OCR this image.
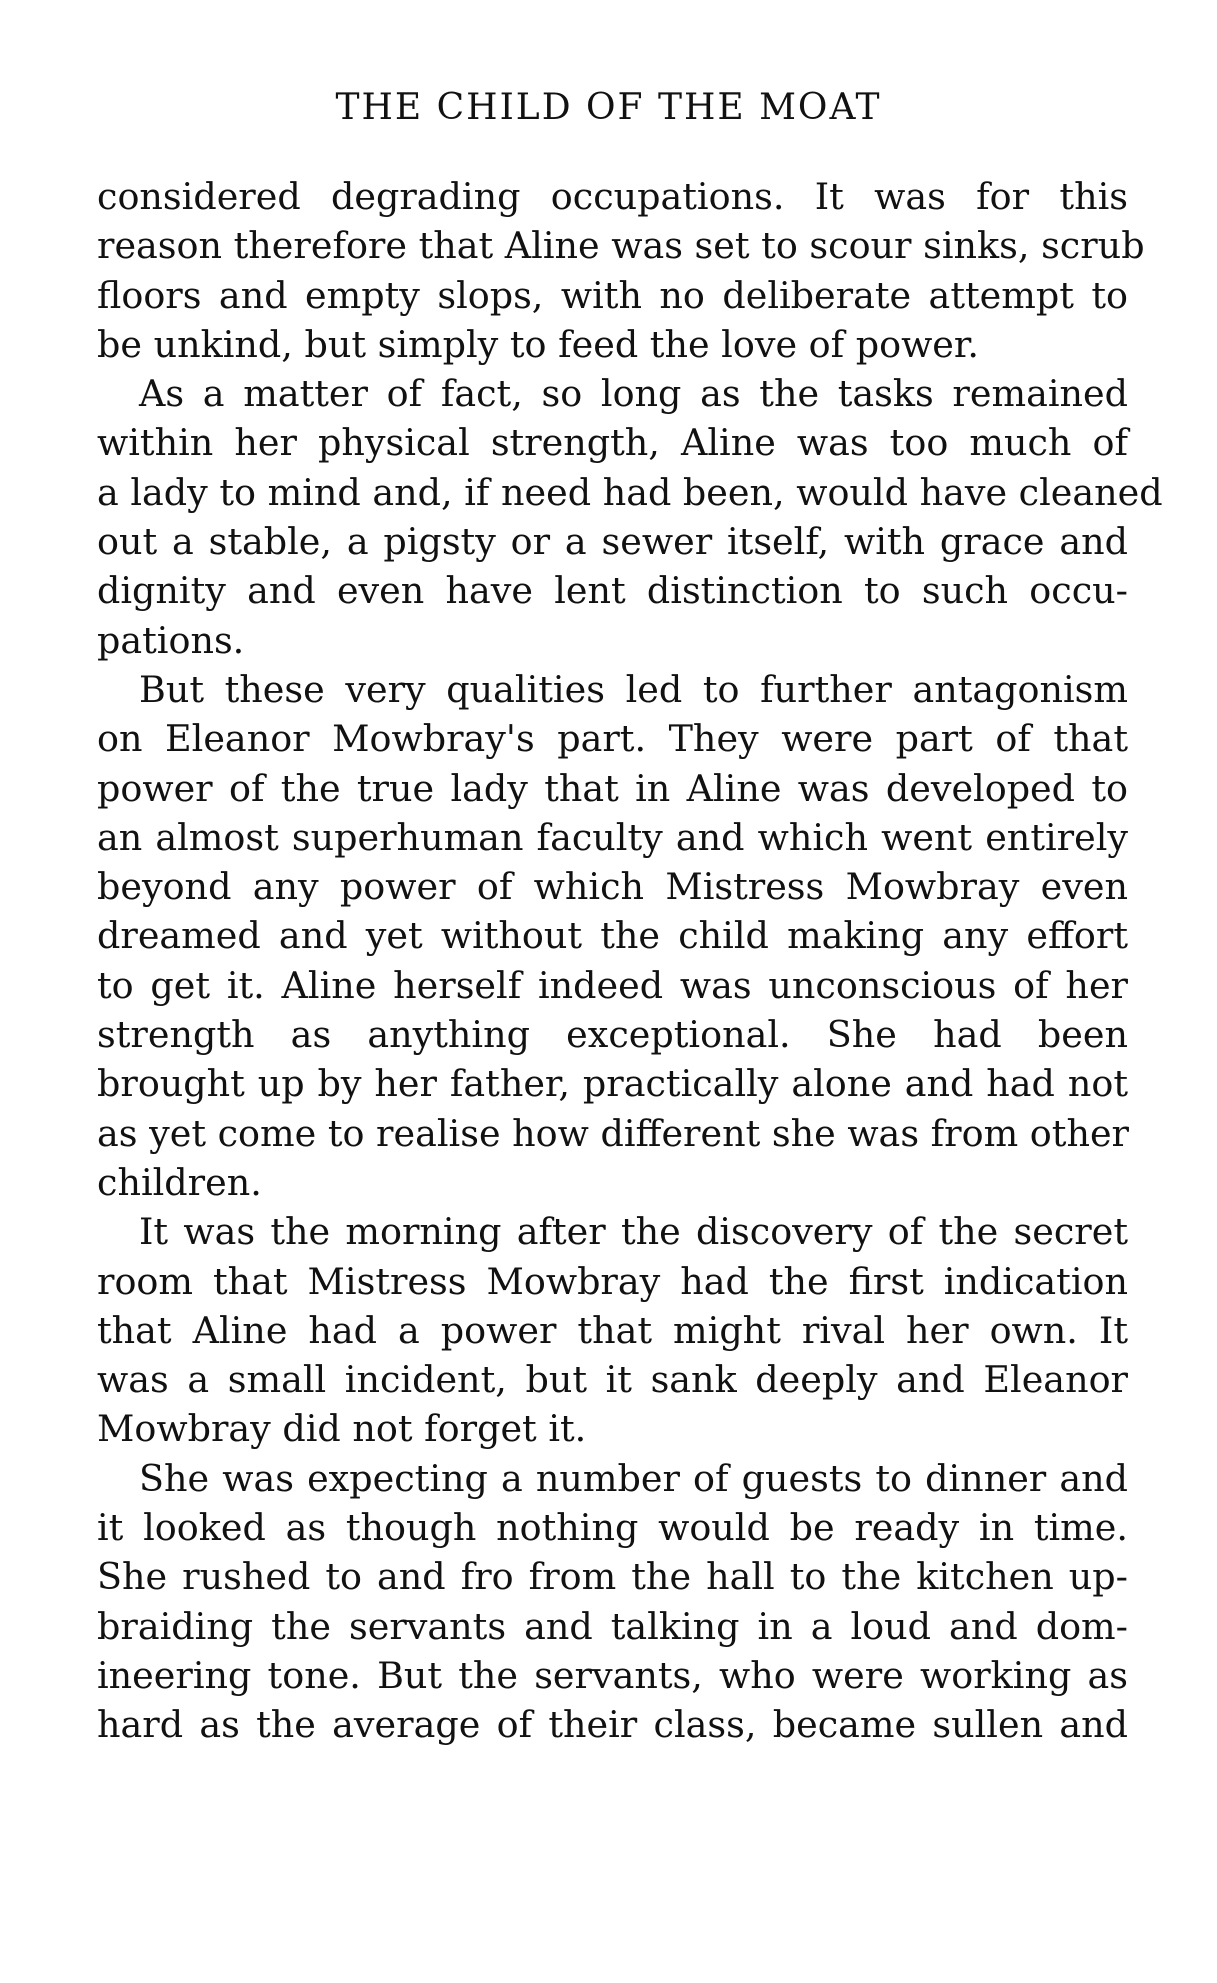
THE CHILD OF THE MOAT
considered degrading occupations. It was for this
reason therefore that Aline was set to scour sinks, scrub
floors and empty slops, with no deliberate attempt to
be unkind, but simply to feed the love of power.
As a matter of fact, so long as the tasks remained
within her physical strength, Aline was too much of
a lady to mind and, if need had been, would have cleaned
out a stable, a pigsty or a sewer itself, with grace and
dignity and even have lent distinction to such occu-
pations.
But these very qualities led to further antagonism
on Eleanor Mowbray's part. They were part of that
power of the true lady that in Aline was developed to
an almost superhuman faculty and which went entirely
beyond any power of which Mistress Mowbray even
dreamed and yet without the child making any effort
to get it. Aline herself indeed was unconscious of her
strength as anything exceptional. She had been
brought up by her father, practically alone and had not
as yet come to realise how different she was from other
children.
It was the morning after the discovery of the secret
room that Mistress Mowbray had the first indication
that Aline had a power that might rival her own. It
was a small incident, but it sank deeply and Eleanor
Mowbray did not forget it.
She was expecting a number of guests to dinner and
it looked as though nothing would be ready in time.
She rushed to and fro from the hall to the kitchen up-
braiding the servants and talking in a loud and dom-
ineering tone. But the servants, who were working as
hard as the average of their class, became sullen and
